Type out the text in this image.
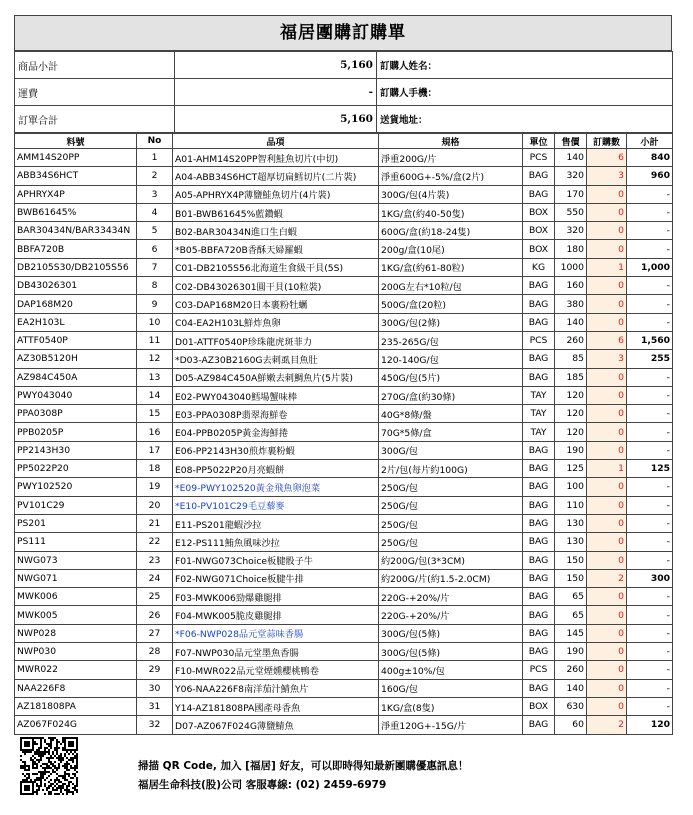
福居團購訂購單
商品小計	5,160	訂購人姓名：
運費	-	訂購人手機：
訂單合計	5,160	送貨地址：
料號	No	品項	規格	單位	售價	訂購數	小計
AMM14S20PP	1	A01-AHM14S20PP智利鮭魚切片(中切)	淨重200G/片	PCS	140	6	840
ABB34S6HCT	2	A04-ABB34S6HCT超厚切扁鱈切片(二片裝)	淨重600G+-5%/盒(2片)	BAG	320	3	960
APHRYX4P	3	A05-APHRYX4P薄鹽鮭魚切片(4片裝)	300G/包(4片裝)	BAG	170	0	-
BWB61645%	4	B01-BWB61645%藍鑽蝦	1KG/盒(約40-50隻)	BOX	550	0	-
BAR30434N/BAR33434N	5	B02-BAR30434N進口生白蝦	600G/盒(約18-24隻)	BOX	320	0	-
BBFA720B	6	*B05-BBFA720B香酥天婦羅蝦	200g/盒(10尾)	BOX	180	0	-
DB2105S30/DB2105S56	7	C01-DB2105S56北海道生食級干貝(5S)	1KG/盒(約61-80粒)	KG	1000	1	1,000
DB43026301	8	C02-DB43026301圓干貝(10粒裝)	200G左右*10粒/包	BAG	160	0	-
DAP168M20	9	C03-DAP168M20日本裹粉牡蠣	500G/盒(20粒)	BAG	380	0	-
EA2H103L	10	C04-EA2H103L鮮炸魚卵	300G/包(2條)	BAG	140	0	-
ATTF0540P	11	D01-ATTF0540P珍珠龍虎斑菲力	235-265G/包	PCS	260	6	1,560
AZ30B5120H	12	*D03-AZ30B2160G去刺虱目魚肚	120-140G/包	BAG	85	3	255
AZ984C450A	13	D05-AZ984C450A鮮嫩去刺鯛魚片(5片裝)	450G/包(5片)	BAG	185	0	-
PWY043040	14	E02-PWY043040鱈場蟹味棒	270G/盒(約30條)	TAY	120	0	-
PPA0308P	15	E03-PPA0308P翡翠海鮮卷	40G*8條/盤	TAY	120	0	-
PPB0205P	16	E04-PPB0205P黃金海鮮捲	70G*5條/盒	TAY	120	0	-
PP2143H30	17	E06-PP2143H30煎炸裹粉蝦	300G/包	BAG	190	0	-
PP5022P20	18	E08-PP5022P20月亮蝦餅	2片/包(每片約100G)	BAG	125	1	125
PWY102520	19	*E09-PWY102520黃金飛魚卵泡菜	250G/包	BAG	100	0	-
PV101C29	20	*E10-PV101C29毛豆藜麥	250G/包	BAG	110	0	-
PS201	21	E11-PS201龍蝦沙拉	250G/包	BAG	130	0	-
PS111	22	E12-PS111鮪魚風味沙拉	250G/包	BAG	130	0	-
NWG073	23	F01-NWG073Choice板腱骰子牛	約200G/包(3*3CM)	BAG	150	0	-
NWG071	24	F02-NWG071Choice板腱牛排	約200G/片(約1.5-2.0CM)	BAG	150	2	300
MWK006	25	F03-MWK006勁爆雞腿排	220G-+20%/片	BAG	65	0	-
MWK005	26	F04-MWK005脆皮雞腿排	220G-+20%/片	BAG	65	0	-
NWP028	27	*F06-NWP028品元堂蒜味香腸	300G/包(5條)	BAG	145	0	-
NWP030	28	F07-NWP030品元堂墨魚香腸	300G/包(5條)	BAG	190	0	-
MWR022	29	F10-MWR022品元堂煙燻櫻桃鴨卷	400g±10%/包	PCS	260	0	-
NAA226F8	30	Y06-NAA226F8南洋茄汁鯖魚片	160G/包	BAG	140	0	-
AZ181808PA	31	Y14-AZ181808PA國產母香魚	1KG/盒(8隻)	BOX	630	0	-
AZ067F024G	32	D07-AZ067F024G薄鹽鯖魚	淨重120G+-15G/片	BAG	60	2	120
掃描 QR Code, 加入 [福居] 好友，可以即時得知最新團購優惠訊息！
福居生命科技(股)公司 客服專線: (02) 2459-6979
